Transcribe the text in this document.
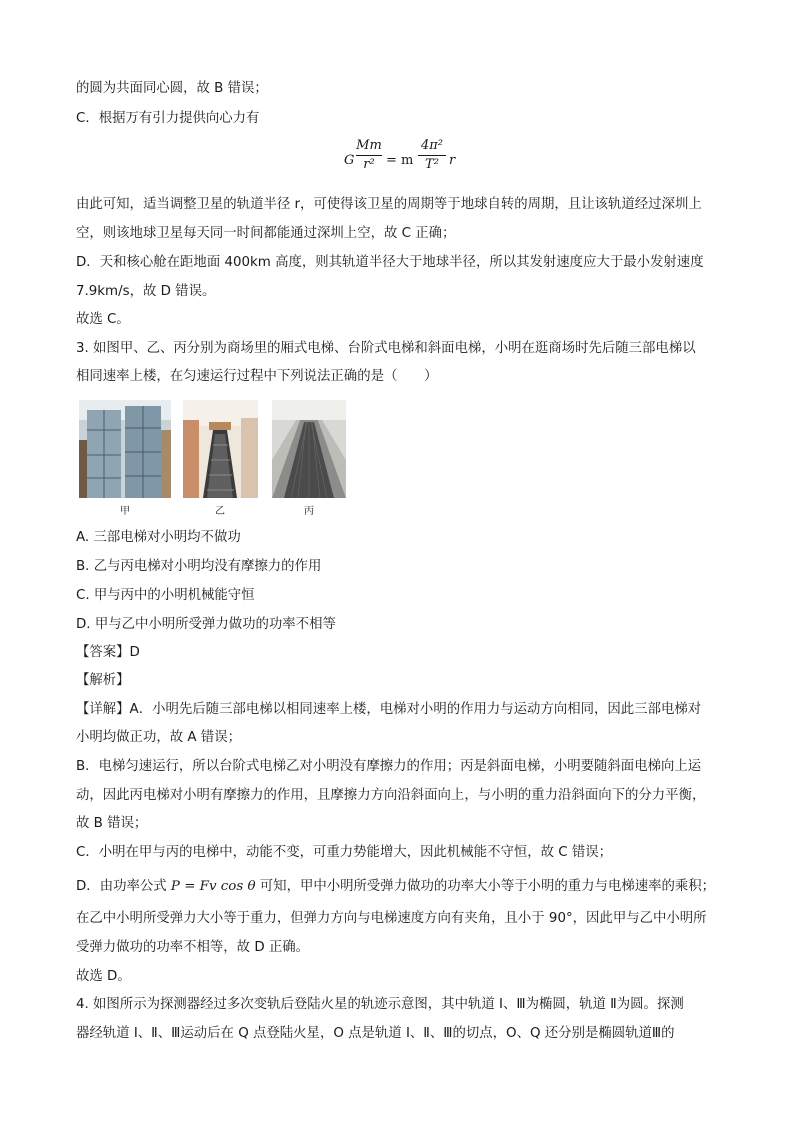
的圆为共面同心圆，故 B 错误；
C．根据万有引力提供向心力有
G
Mm
r² = m
4π²
T² r
由此可知，适当调整卫星的轨道半径 r，可使得该卫星的周期等于地球自转的周期，且让该轨道经过深圳上
空，则该地球卫星每天同一时间都能通过深圳上空，故 C 正确；
D．天和核心舱在距地面 400km 高度，则其轨道半径大于地球半径，所以其发射速度应大于最小发射速度
7.9km/s，故 D 错误。
故选 C。
3. 如图甲、乙、丙分别为商场里的厢式电梯、台阶式电梯和斜面电梯，小明在逛商场时先后随三部电梯以
相同速率上楼，在匀速运行过程中下列说法正确的是（　　）
甲	乙	丙
A. 三部电梯对小明均不做功
B. 乙与丙电梯对小明均没有摩擦力的作用
C. 甲与丙中的小明机械能守恒
D. 甲与乙中小明所受弹力做功的功率不相等
【答案】D
【解析】
【详解】A．小明先后随三部电梯以相同速率上楼，电梯对小明的作用力与运动方向相同，因此三部电梯对
小明均做正功，故 A 错误；
B．电梯匀速运行，所以台阶式电梯乙对小明没有摩擦力的作用；丙是斜面电梯，小明要随斜面电梯向上运
动，因此丙电梯对小明有摩擦力的作用，且摩擦力方向沿斜面向上，与小明的重力沿斜面向下的分力平衡，
故 B 错误；
C．小明在甲与丙的电梯中，动能不变，可重力势能增大，因此机械能不守恒，故 C 错误；
D．由功率公式 P = Fv cos θ 可知，甲中小明所受弹力做功的功率大小等于小明的重力与电梯速率的乘积；
在乙中小明所受弹力大小等于重力，但弹力方向与电梯速度方向有夹角，且小于 90°，因此甲与乙中小明所
受弹力做功的功率不相等，故 D 正确。
故选 D。
4. 如图所示为探测器经过多次变轨后登陆火星的轨迹示意图，其中轨道 Ⅰ、Ⅲ为椭圆，轨道 Ⅱ为圆。探测
器经轨道 Ⅰ、Ⅱ、Ⅲ运动后在 Q 点登陆火星，O 点是轨道 Ⅰ、Ⅱ、Ⅲ的切点，O、Q 还分别是椭圆轨道Ⅲ的
